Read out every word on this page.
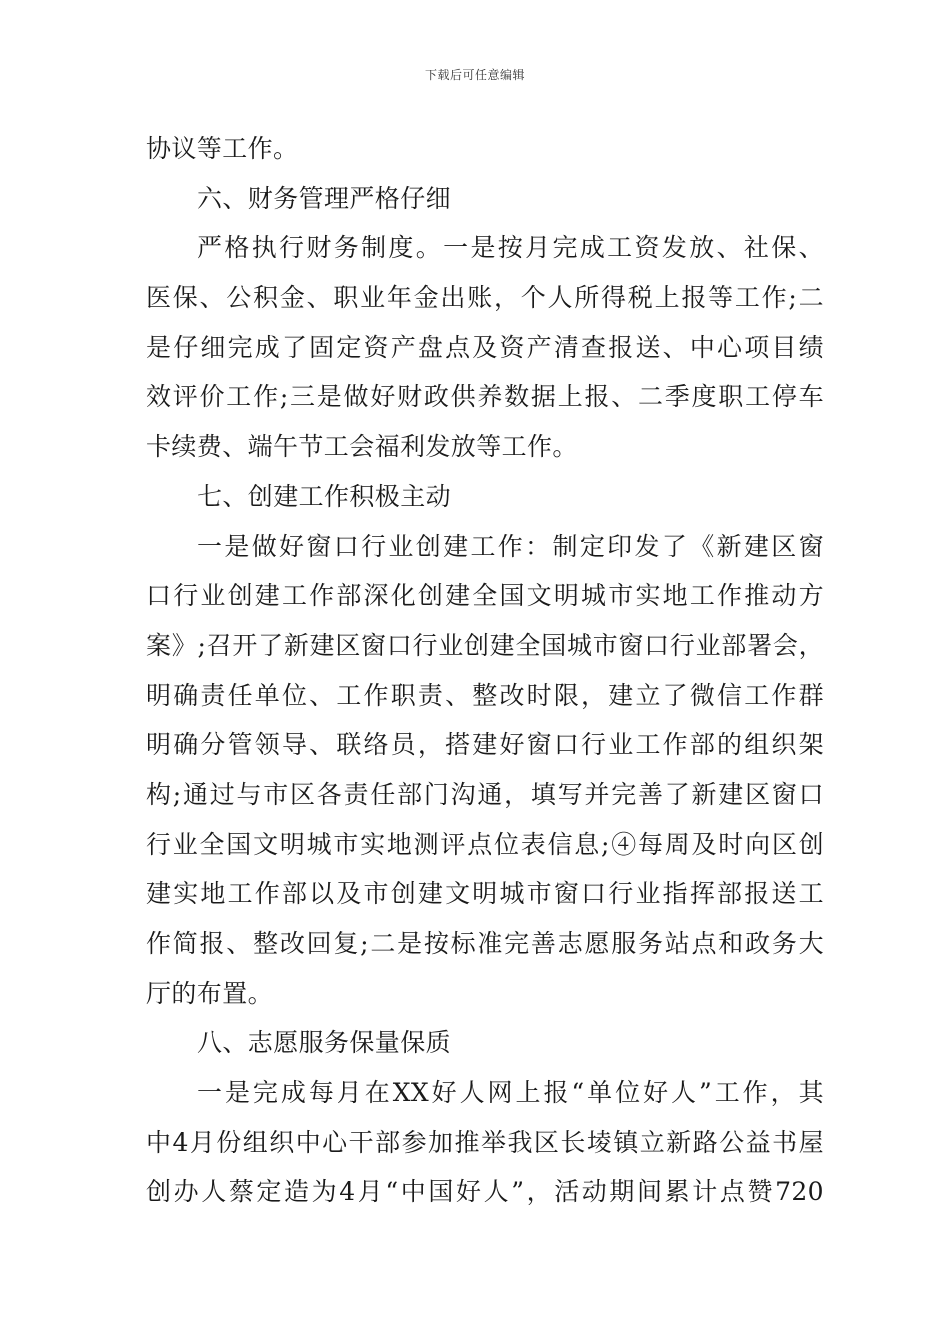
下载后可任意编辑
协议等工作。
六、财务管理严格仔细
严格执行财务制度。一是按月完成工资发放、社保、
医保、公积金、职业年金出账，个人所得税上报等工作;二
是仔细完成了固定资产盘点及资产清查报送、中心项目绩
效评价工作;三是做好财政供养数据上报、二季度职工停车
卡续费、端午节工会福利发放等工作。
七、创建工作积极主动
一是做好窗口行业创建工作：制定印发了《新建区窗
口行业创建工作部深化创建全国文明城市实地工作推动方
案》;召开了新建区窗口行业创建全国城市窗口行业部署会，
明确责任单位、工作职责、整改时限，建立了微信工作群
明确分管领导、联络员，搭建好窗口行业工作部的组织架
构;通过与市区各责任部门沟通，填写并完善了新建区窗口
行业全国文明城市实地测评点位表信息;④每周及时向区创
建实地工作部以及市创建文明城市窗口行业指挥部报送工
作简报、整改回复;二是按标准完善志愿服务站点和政务大
厅的布置。
八、志愿服务保量保质
一是完成每月在XX好人网上报“单位好人”工作，其
中4月份组织中心干部参加推举我区长堎镇立新路公益书屋
创办人蔡定造为4月“中国好人”，活动期间累计点赞720
